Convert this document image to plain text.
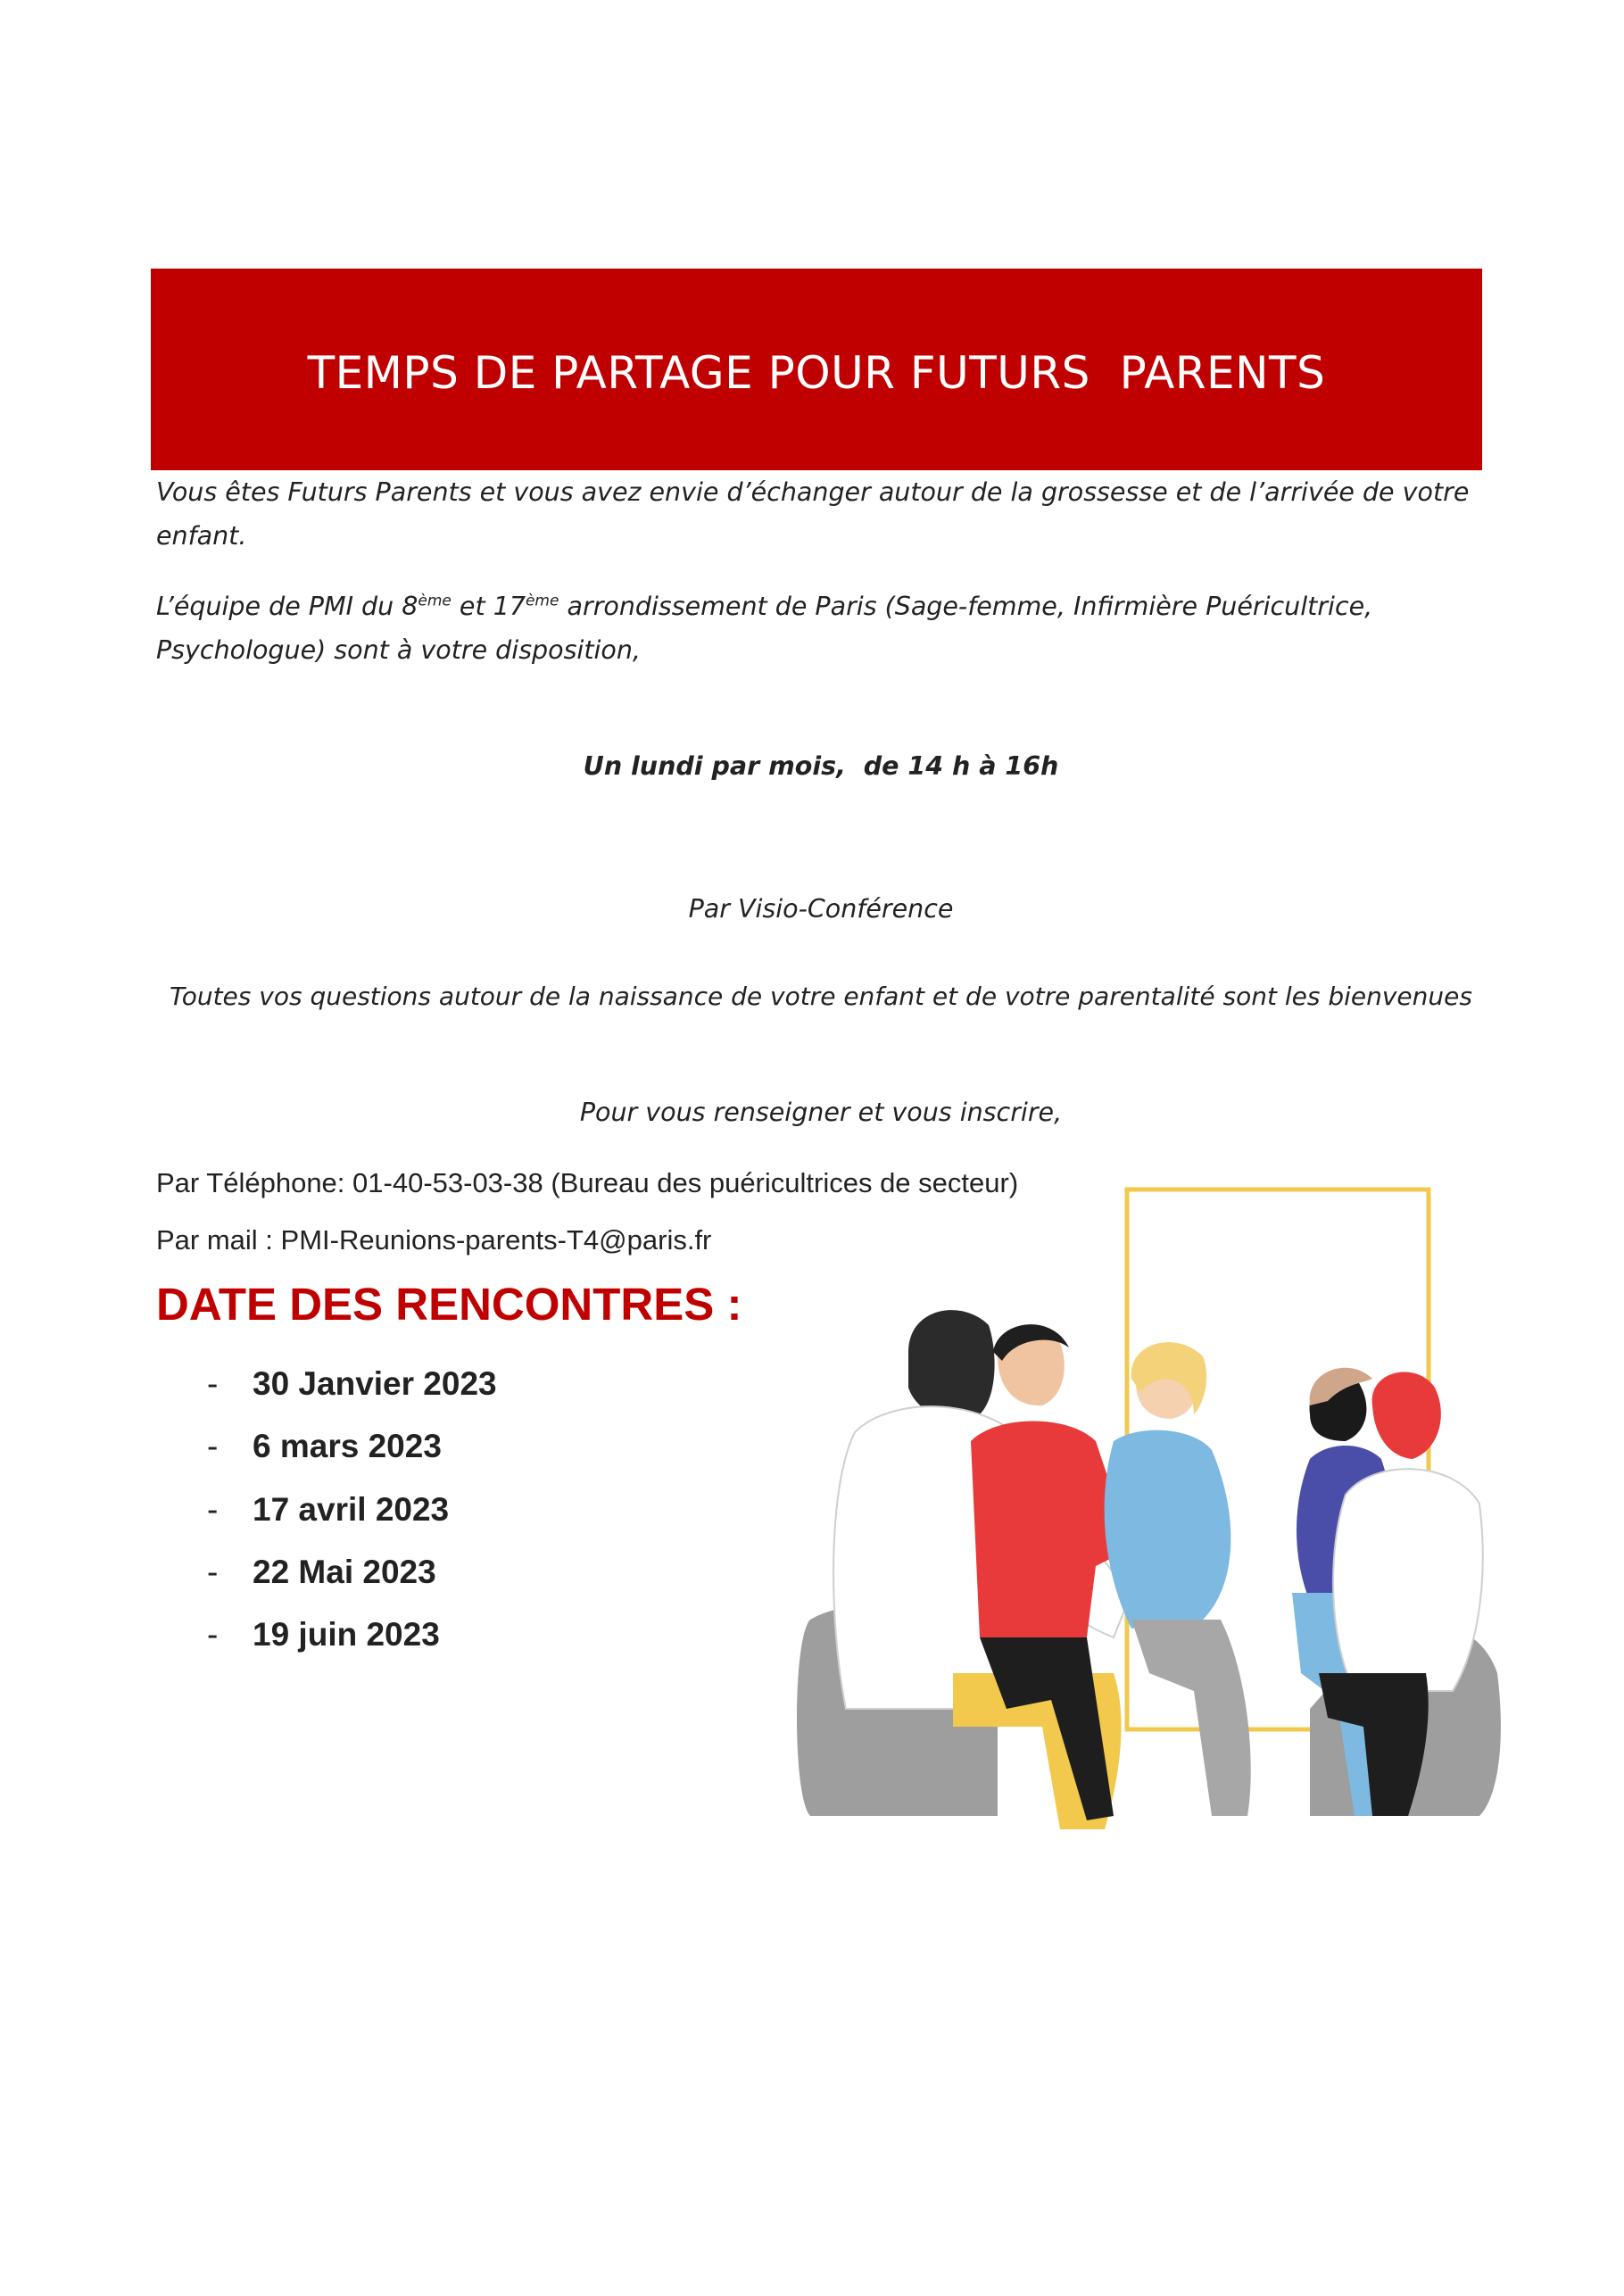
TEMPS DE PARTAGE POUR FUTURS  PARENTS

Vous êtes Futurs Parents et vous avez envie d’échanger autour de la grossesse et de l’arrivée de votre
enfant.

L’équipe de PMI du 8ème et 17ème arrondissement de Paris (Sage-femme, Infirmière Puéricultrice,
Psychologue) sont à votre disposition,

Un lundi par mois,  de 14 h à 16h

Par Visio-Conférence

Toutes vos questions autour de la naissance de votre enfant et de votre parentalité sont les bienvenues

Pour vous renseigner et vous inscrire,

Par Téléphone: 01-40-53-03-38 (Bureau des puéricultrices de secteur)
Par mail : PMI-Reunions-parents-T4@paris.fr
DATE DES RENCONTRES :
- 30 Janvier 2023
- 6 mars 2023
- 17 avril 2023
- 22 Mai 2023
- 19 juin 2023
